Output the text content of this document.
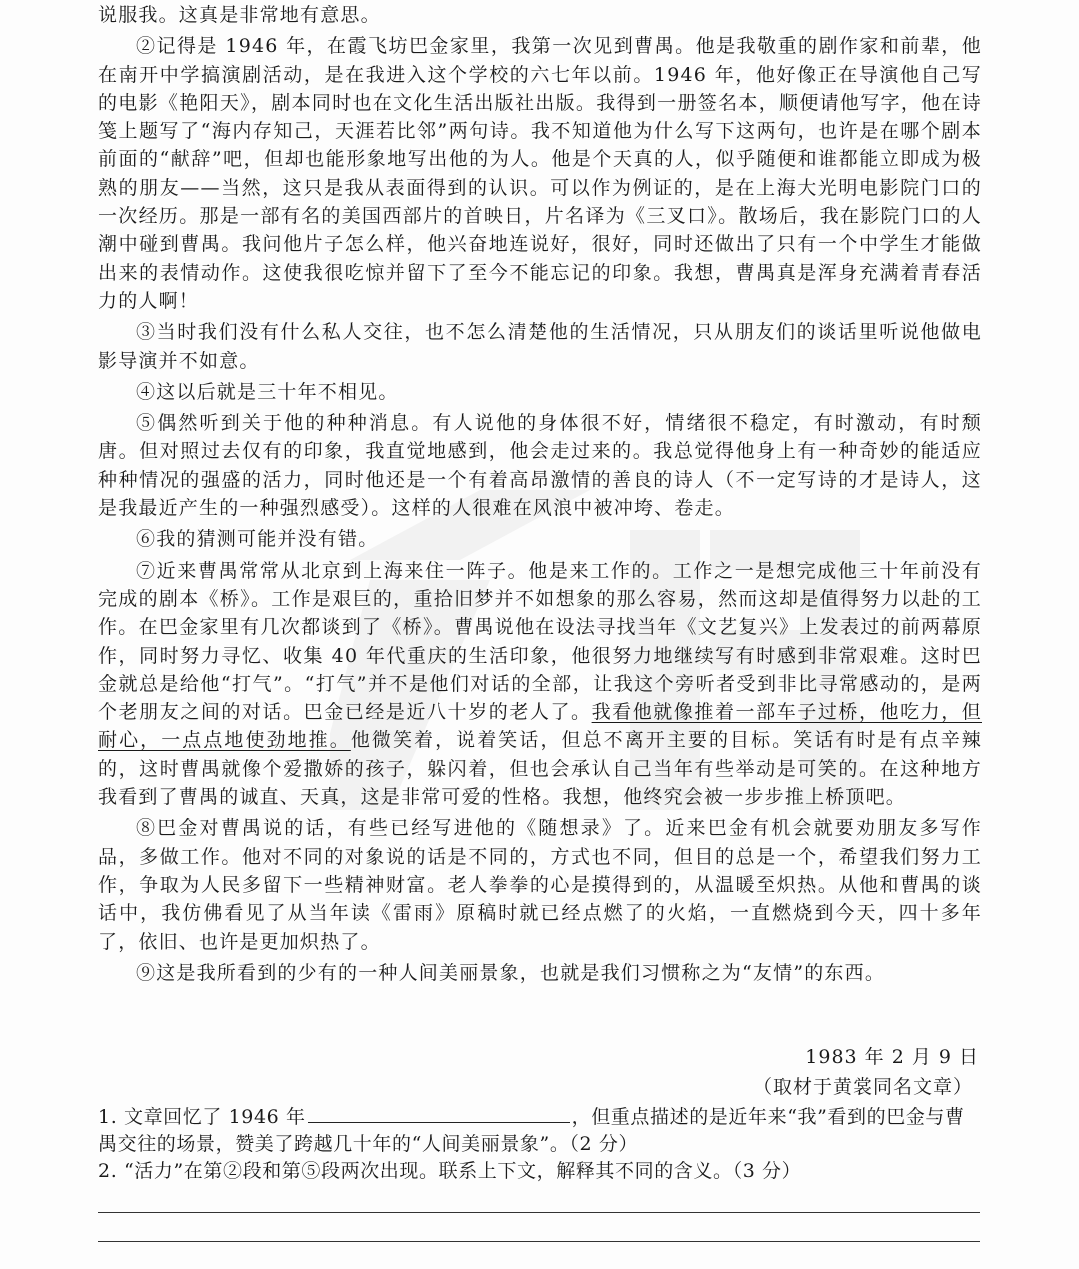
说服我。这真是非常地有意思。

②记得是 1946 年，在霞飞坊巴金家里，我第一次见到曹禺。他是我敬重的剧作家和前辈，他在南开中学搞演剧活动，是在我进入这个学校的六七年以前。1946 年，他好像正在导演他自己写的电影《艳阳天》，剧本同时也在文化生活出版社出版。我得到一册签名本，顺便请他写字，他在诗笺上题写了“海内存知己，天涯若比邻”两句诗。我不知道他为什么写下这两句，也许是在哪个剧本前面的“献辞”吧，但却也能形象地写出他的为人。他是个天真的人，似乎随便和谁都能立即成为极熟的朋友——当然，这只是我从表面得到的认识。可以作为例证的，是在上海大光明电影院门口的一次经历。那是一部有名的美国西部片的首映日，片名译为《三叉口》。散场后，我在影院门口的人潮中碰到曹禺。我问他片子怎么样，他兴奋地连说好，很好，同时还做出了只有一个中学生才能做出来的表情动作。这使我很吃惊并留下了至今不能忘记的印象。我想，曹禺真是浑身充满着青春活力的人啊！

③当时我们没有什么私人交往，也不怎么清楚他的生活情况，只从朋友们的谈话里听说他做电影导演并不如意。

④这以后就是三十年不相见。

⑤偶然听到关于他的种种消息。有人说他的身体很不好，情绪很不稳定，有时激动，有时颓唐。但对照过去仅有的印象，我直觉地感到，他会走过来的。我总觉得他身上有一种奇妙的能适应种种情况的强盛的活力，同时他还是一个有着高昂激情的善良的诗人（不一定写诗的才是诗人，这是我最近产生的一种强烈感受）。这样的人很难在风浪中被冲垮、卷走。

⑥我的猜测可能并没有错。

⑦近来曹禺常常从北京到上海来住一阵子。他是来工作的。工作之一是想完成他三十年前没有完成的剧本《桥》。工作是艰巨的，重拾旧梦并不如想象的那么容易，然而这却是值得努力以赴的工作。在巴金家里有几次都谈到了《桥》。曹禺说他在设法寻找当年《文艺复兴》上发表过的前两幕原作，同时努力寻忆、收集 40 年代重庆的生活印象，他很努力地继续写有时感到非常艰难。这时巴金就总是给他“打气”。“打气”并不是他们对话的全部，让我这个旁听者受到非比寻常感动的，是两个老朋友之间的对话。巴金已经是近八十岁的老人了。我看他就像推着一部车子过桥，他吃力，但耐心，一点点地使劲地推。他微笑着，说着笑话，但总不离开主要的目标。笑话有时是有点辛辣的，这时曹禺就像个爱撒娇的孩子，躲闪着，但也会承认自己当年有些举动是可笑的。在这种地方我看到了曹禺的诚直、天真，这是非常可爱的性格。我想，他终究会被一步步推上桥顶吧。

⑧巴金对曹禺说的话，有些已经写进他的《随想录》了。近来巴金有机会就要劝朋友多写作品，多做工作。他对不同的对象说的话是不同的，方式也不同，但目的总是一个，希望我们努力工作，争取为人民多留下一些精神财富。老人拳拳的心是摸得到的，从温暖至炽热。从他和曹禺的谈话中，我仿佛看见了从当年读《雷雨》原稿时就已经点燃了的火焰，一直燃烧到今天，四十多年了，依旧、也许是更加炽热了。

⑨这是我所看到的少有的一种人间美丽景象，也就是我们习惯称之为“友情”的东西。

1983 年 2 月 9 日
（取材于黄裳同名文章）

1. 文章回忆了 1946 年	，但重点描述的是近年来“我”看到的巴金与曹禺交往的场景，赞美了跨越几十年的“人间美丽景象”。（2 分）

2. “活力”在第②段和第⑤段两次出现。联系上下文，解释其不同的含义。（3 分）
